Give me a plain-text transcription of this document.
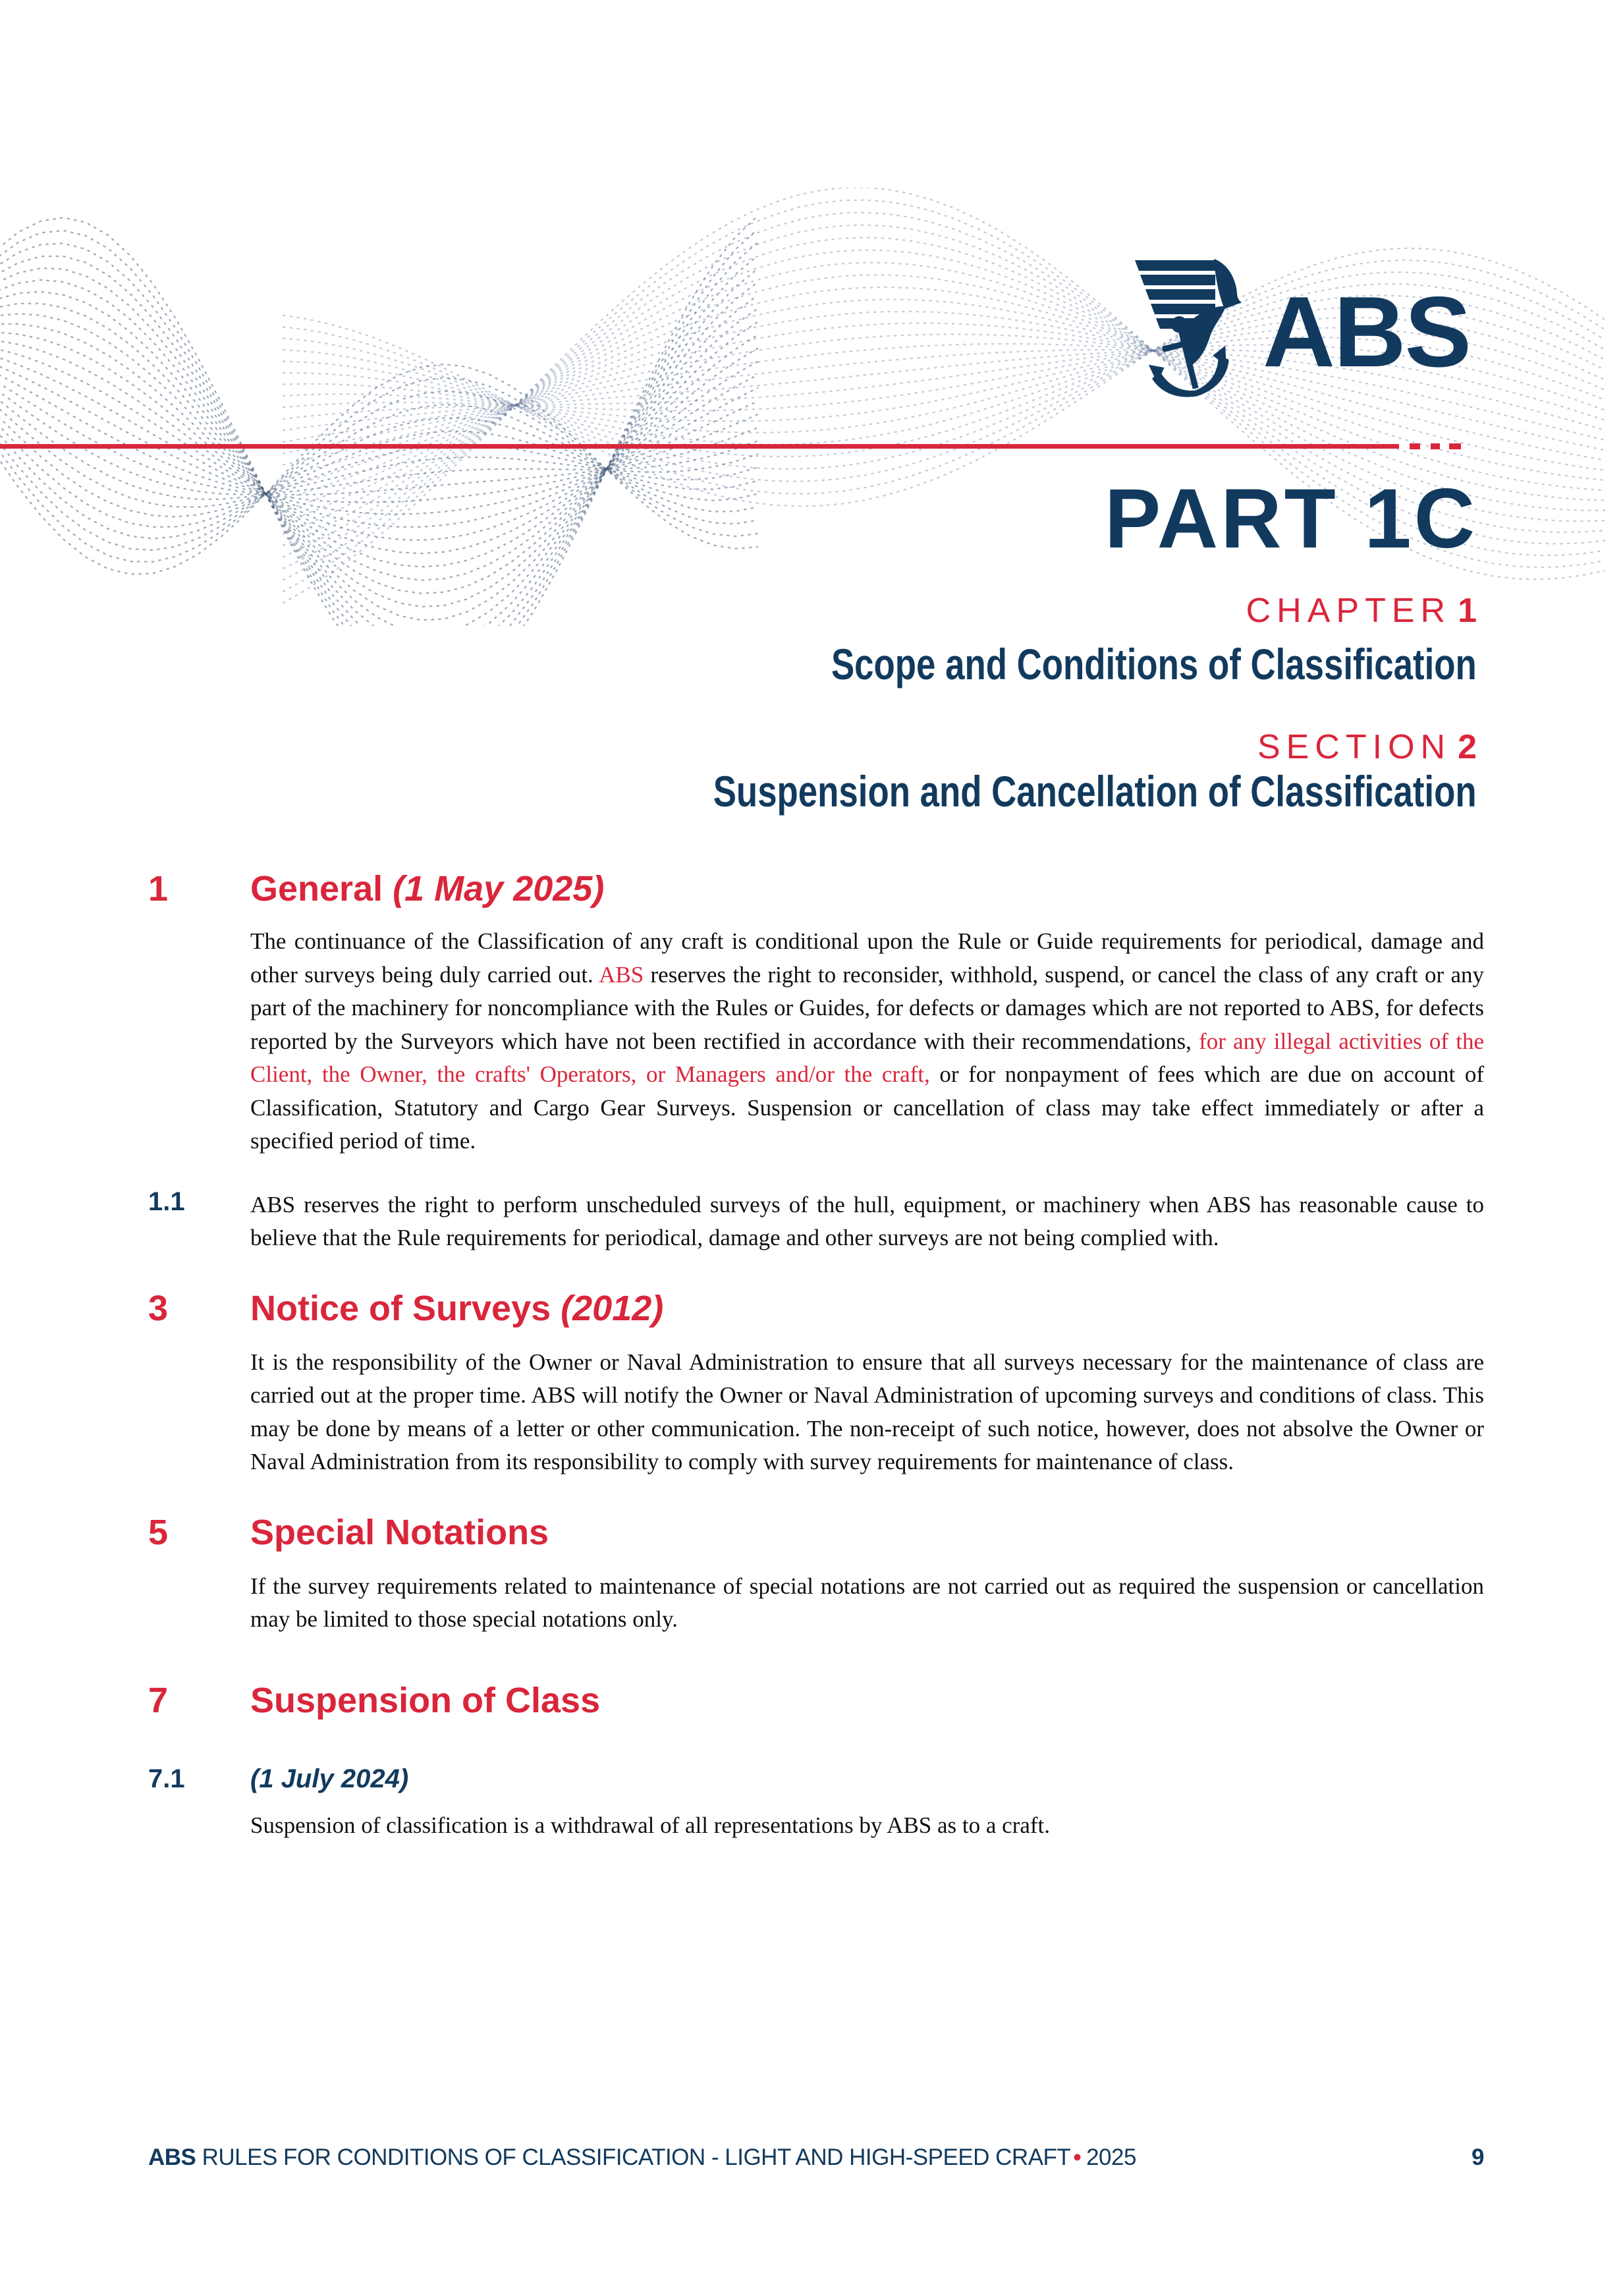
ABS
PART 1C
CHAPTER 1
Scope and Conditions of Classification
SECTION 2
Suspension and Cancellation of Classification
1 General (1 May 2025)

The continuance of the Classification of any craft is conditional upon the Rule or Guide requirements for periodical, damage and other surveys being duly carried out. ABS reserves the right to reconsider, withhold, suspend, or cancel the class of any craft or any part of the machinery for noncompliance with the Rules or Guides, for defects or damages which are not reported to ABS, for defects reported by the Surveyors which have not been rectified in accordance with their recommendations, for any illegal activities of the Client, the Owner, the crafts' Operators, or Managers and/or the craft, or for nonpayment of fees which are due on account of Classification, Statutory and Cargo Gear Surveys. Suspension or cancellation of class may take effect immediately or after a specified period of time.

1.1	ABS reserves the right to perform unscheduled surveys of the hull, equipment, or machinery when ABS has reasonable cause to believe that the Rule requirements for periodical, damage and other surveys are not being complied with.

3 Notice of Surveys (2012)

It is the responsibility of the Owner or Naval Administration to ensure that all surveys necessary for the maintenance of class are carried out at the proper time. ABS will notify the Owner or Naval Administration of upcoming surveys and conditions of class. This may be done by means of a letter or other communication. The non-receipt of such notice, however, does not absolve the Owner or Naval Administration from its responsibility to comply with survey requirements for maintenance of class.

5 Special Notations

If the survey requirements related to maintenance of special notations are not carried out as required the suspension or cancellation may be limited to those special notations only.

7 Suspension of Class
7.1 (1 July 2024)

Suspension of classification is a withdrawal of all representations by ABS as to a craft.

ABS RULES FOR CONDITIONS OF CLASSIFICATION - LIGHT AND HIGH-SPEED CRAFT • 2025	9
